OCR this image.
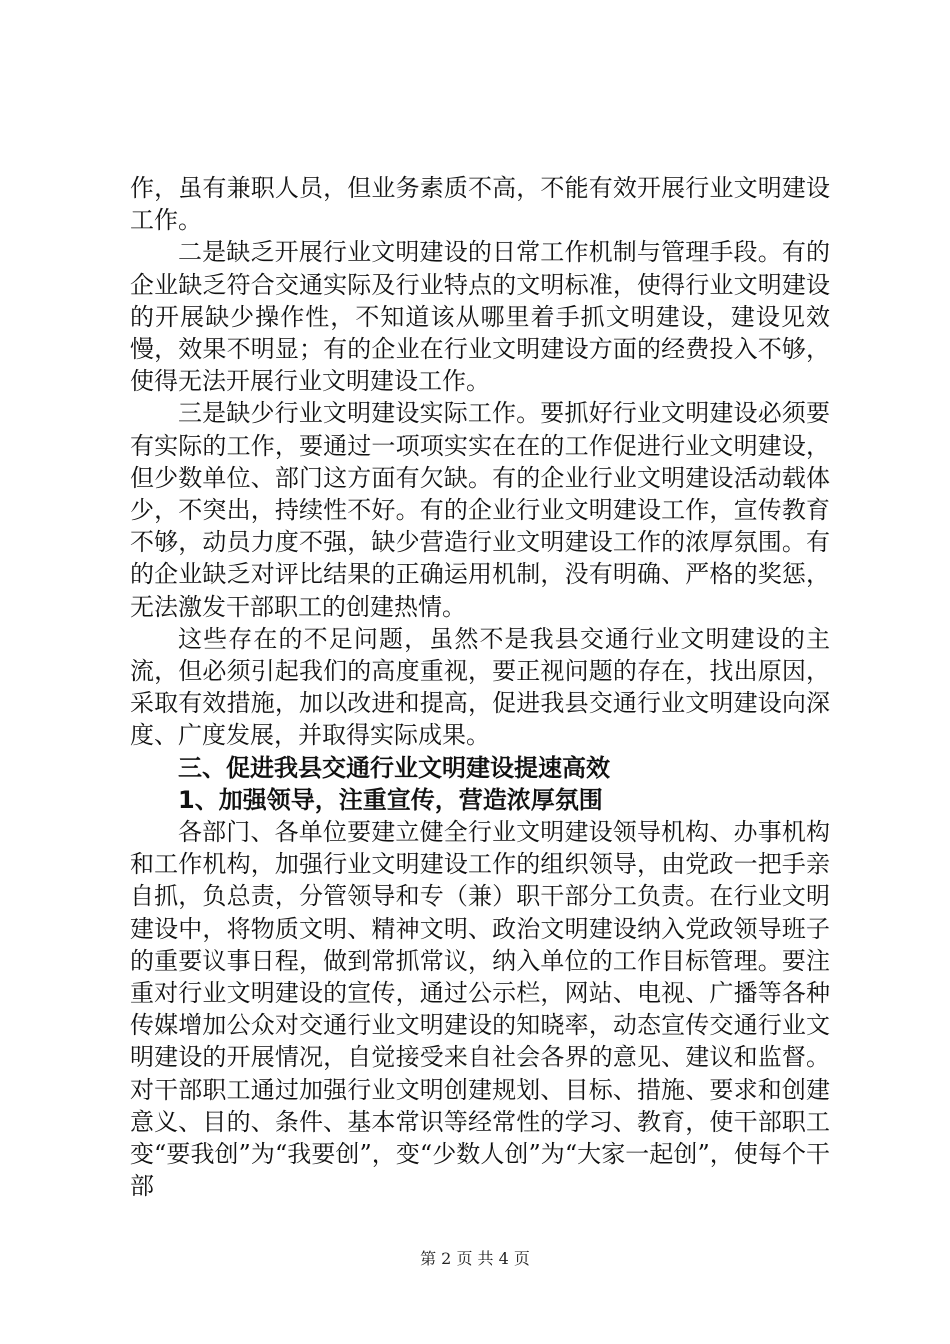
作，虽有兼职人员，但业务素质不高，不能有效开展行业文明建设工作。

二是缺乏开展行业文明建设的日常工作机制与管理手段。有的企业缺乏符合交通实际及行业特点的文明标准，使得行业文明建设的开展缺少操作性，不知道该从哪里着手抓文明建设，建设见效慢，效果不明显；有的企业在行业文明建设方面的经费投入不够，使得无法开展行业文明建设工作。

三是缺少行业文明建设实际工作。要抓好行业文明建设必须要有实际的工作，要通过一项项实实在在的工作促进行业文明建设，但少数单位、部门这方面有欠缺。有的企业行业文明建设活动载体少，不突出，持续性不好。有的企业行业文明建设工作，宣传教育不够，动员力度不强，缺少营造行业文明建设工作的浓厚氛围。有的企业缺乏对评比结果的正确运用机制，没有明确、严格的奖惩，无法激发干部职工的创建热情。

这些存在的不足问题，虽然不是我县交通行业文明建设的主流，但必须引起我们的高度重视，要正视问题的存在，找出原因，采取有效措施，加以改进和提高，促进我县交通行业文明建设向深度、广度发展，并取得实际成果。

三、促进我县交通行业文明建设提速高效

1、加强领导，注重宣传，营造浓厚氛围

各部门、各单位要建立健全行业文明建设领导机构、办事机构和工作机构，加强行业文明建设工作的组织领导，由党政一把手亲自抓，负总责，分管领导和专（兼）职干部分工负责。在行业文明建设中，将物质文明、精神文明、政治文明建设纳入党政领导班子的重要议事日程，做到常抓常议，纳入单位的工作目标管理。要注重对行业文明建设的宣传，通过公示栏，网站、电视、广播等各种传媒增加公众对交通行业文明建设的知晓率，动态宣传交通行业文明建设的开展情况，自觉接受来自社会各界的意见、建议和监督。对干部职工通过加强行业文明创建规划、目标、措施、要求和创建意义、目的、条件、基本常识等经常性的学习、教育，使干部职工变“要我创”为“我要创”，变“少数人创”为“大家一起创”，使每个干部

第 2 页 共 4 页
